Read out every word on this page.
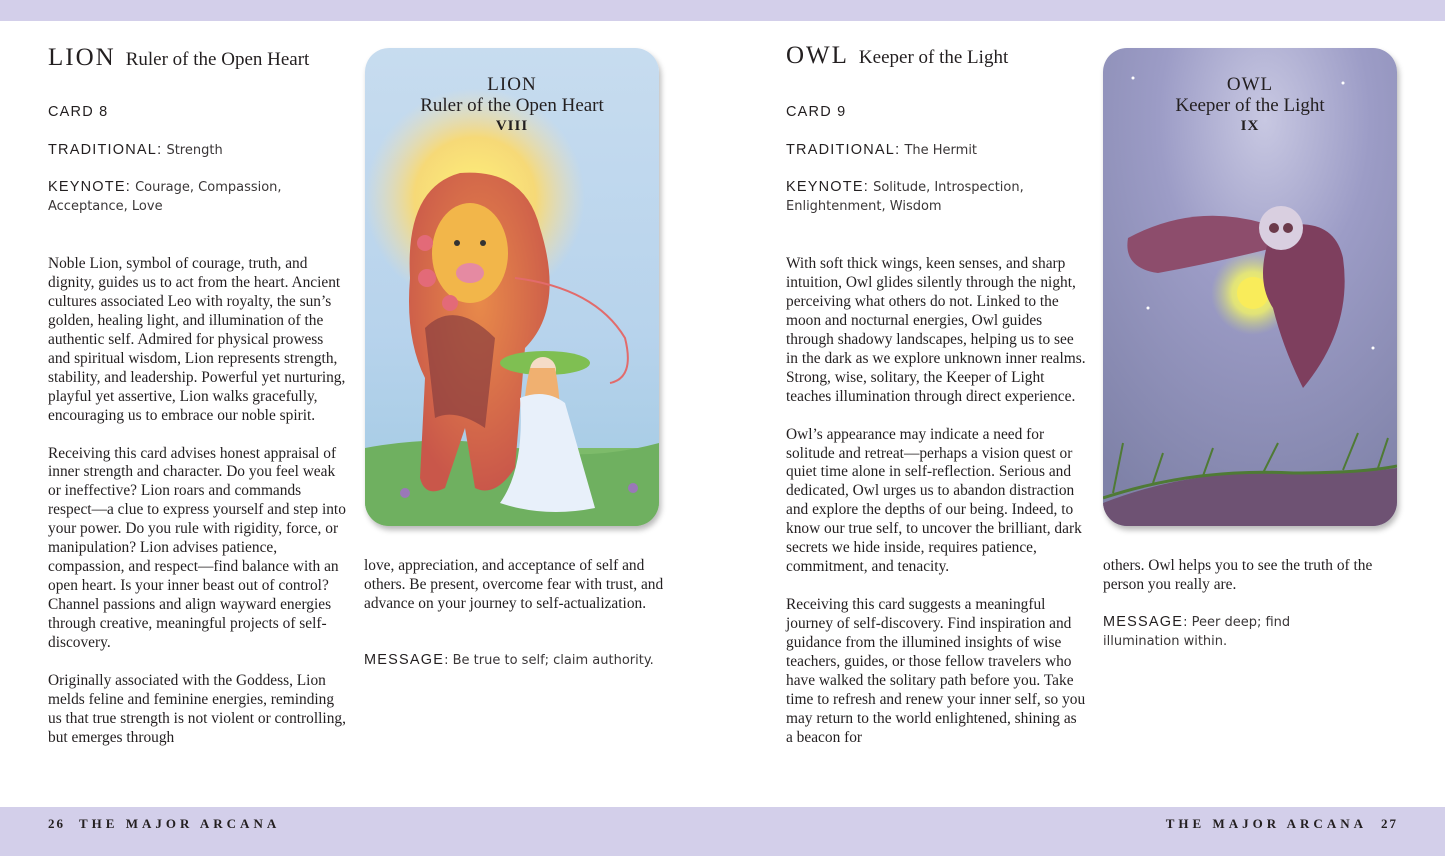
LION Ruler of the Open Heart
CARD 8
TRADITIONAL: Strength
KEYNOTE: Courage, Compassion,
Acceptance, Love

Noble Lion, symbol of courage, truth, and dignity, guides us to act from the heart. Ancient cultures associated Leo with royalty, the sun’s golden, healing light, and illumination of the authentic self. Admired for physical prowess and spiritual wisdom, Lion represents strength, stability, and leadership. Powerful yet nurturing, playful yet assertive, Lion walks gracefully, encouraging us to embrace our noble spirit.

Receiving this card advises honest appraisal of inner strength and character. Do you feel weak or ineffective? Lion roars and commands respect—a clue to express yourself and step into your power. Do you rule with rigidity, force, or manipulation? Lion advises patience, compassion, and respect—find balance with an open heart. Is your inner beast out of control? Channel passions and align wayward energies through creative, meaningful projects of self-discovery.

Originally associated with the Goddess, Lion melds feline and feminine energies, reminding us that true strength is not violent or controlling, but emerges through

LION
Ruler of the Open Heart
VIII

love, appreciation, and acceptance of self and others. Be present, overcome fear with trust, and advance on your journey to self-actualization.

MESSAGE: Be true to self; claim authority.
OWL Keeper of the Light
CARD 9
TRADITIONAL: The Hermit
KEYNOTE: Solitude, Introspection,
Enlightenment, Wisdom

With soft thick wings, keen senses, and sharp intuition, Owl glides silently through the night, perceiving what others do not. Linked to the moon and nocturnal energies, Owl guides through shadowy landscapes, helping us to see in the dark as we explore unknown inner realms. Strong, wise, solitary, the Keeper of Light teaches illumination through direct experience.

Owl’s appearance may indicate a need for solitude and retreat—perhaps a vision quest or quiet time alone in self-reflection. Serious and dedicated, Owl urges us to abandon distraction and explore the depths of our being. Indeed, to know our true self, to uncover the brilliant, dark secrets we hide inside, requires patience, commitment, and tenacity.

Receiving this card suggests a meaningful journey of self-discovery. Find inspiration and guidance from the illumined insights of wise teachers, guides, or those fellow travelers who have walked the solitary path before you. Take time to refresh and renew your inner self, so you may return to the world enlightened, shining as a beacon for

OWL
Keeper of the Light
IX

others. Owl helps you to see the truth of the person you really are.

MESSAGE: Peer deep; find illumination within.
26 THE MAJOR ARCANA	THE MAJOR ARCANA 27
